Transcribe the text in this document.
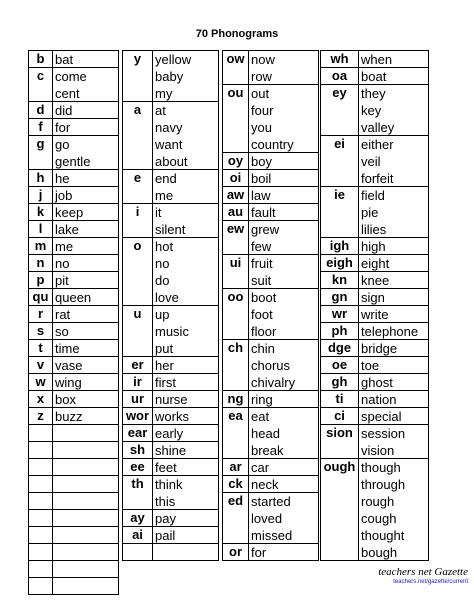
70 Phonograms
b bat
c come
cent
d did
f for
g go
gentle
h he
j job
k keep
l lake
m me
n no
p pit
qu queen
r rat
s so
t time
v vase
w wing
x box
z buzz
y	yellow
baby
my
a	at
navy
want
about
e	end
me
i	it
silent
o	hot
no
do
love
u	up
music
put
er her
ir	first
ur nurse
wor works
ear early
sh shine
ee feet
th think
this
ay pay
ai pail
ow now
row
ou out
four
you
country
oy boy
oi boil
aw law
au fault
ew grew
few
ui fruit
suit
oo boot
foot
floor
ch chin
chorus
chivalry
ng ring
ea eat
head
break
ar car
ck neck
ed started
loved
missed
or for
wh when
oa	boat
ey	they
key
valley
ei	either
veil
forfeit
ie	field
pie
lilies
igh high
eigh eight
kn	knee
gn	sign
wr	write
ph	telephone
dge bridge
oe	toe
gh	ghost
ti	nation
ci	special
sion session
vision
ough though
through
rough
cough
thought
bough
teachers net Gazette
teachers.net/gazette/current
